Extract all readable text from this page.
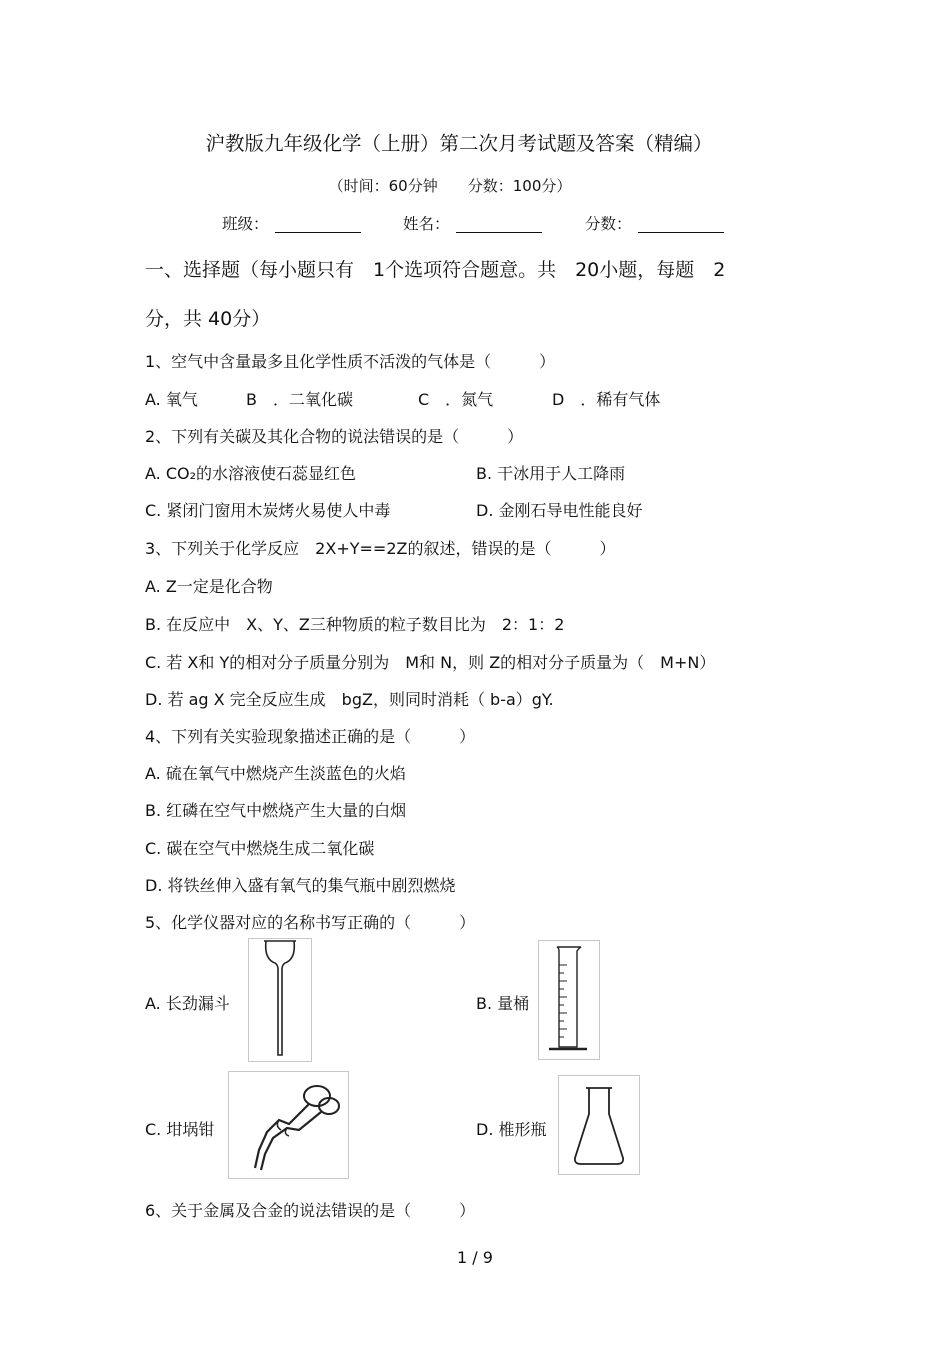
沪教版九年级化学（上册）第二次月考试题及答案（精编）
（时间：60分钟　　分数：100分）
班级：	姓名：	分数：
一、选择题（每小题只有　1个选项符合题意。共　20小题，每题　2
分，共 40分）
1、空气中含量最多且化学性质不活泼的气体是（　　　）
A. 氧气	B　．二氧化碳	C　．氮气	D　．稀有气体
2、下列有关碳及其化合物的说法错误的是（　　　）
A. CO₂的水溶液使石蕊显红色	B. 干冰用于人工降雨
C. 紧闭门窗用木炭烤火易使人中毒	D. 金刚石导电性能良好
3、下列关于化学反应　2X+Y==2Z的叙述，错误的是（　　　）
A. Z一定是化合物
B. 在反应中　X、Y、Z三种物质的粒子数目比为　2：1：2
C. 若 X和 Y的相对分子质量分别为　M和 N，则 Z的相对分子质量为（　M+N）
D. 若 ag X 完全反应生成　bgZ，则同时消耗（ b-a）gY.
4、下列有关实验现象描述正确的是（　　　）
A. 硫在氧气中燃烧产生淡蓝色的火焰
B. 红磷在空气中燃烧产生大量的白烟
C. 碳在空气中燃烧生成二氧化碳
D. 将铁丝伸入盛有氧气的集气瓶中剧烈燃烧
5、化学仪器对应的名称书写正确的（　　　）
A. 长劲漏斗	B. 量桶
C. 坩埚钳	D. 椎形瓶
6、关于金属及合金的说法错误的是（　　　）
1 / 9
